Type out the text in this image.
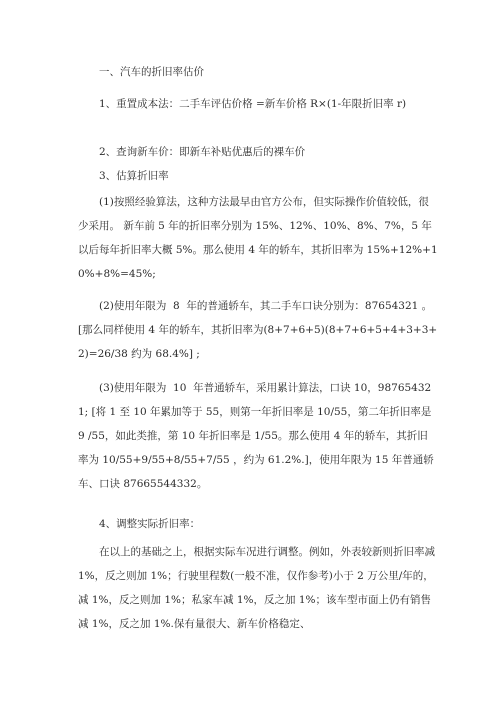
一、汽车的折旧率估价
1、重置成本法：二手车评估价格 =新车价格 R×(1-年限折旧率 r)
2、查询新车价：即新车补贴优惠后的裸车价
3、估算折旧率
(1)按照经验算法，这种方法最早由官方公布，但实际操作价值较低，很少采用。 新车前 5 年的折旧率分别为 15%、12%、10%、8%、7%，5 年以后每年折旧率大概 5%。那么使用 4 年的轿车，其折旧率为 15%+12%+10%+8%=45%;
(2)使用年限为  8  年的普通轿车，其二手车口诀分别为：87654321 。 [那么同样使用 4 年的轿车，其折旧率为(8+7+6+5)(8+7+6+5+4+3+3+2)=26/38 约为 68.4%] ;
(3)使用年限为  10  年普通轿车，采用累计算法，口诀 10，987654321; [将 1 至 10 年累加等于 55，则第一年折旧率是 10/55，第二年折旧率是 9 /55，如此类推，第 10 年折旧率是 1/55。那么使用 4 年的轿车，其折旧率为 10/55+9/55+8/55+7/55 ，约为 61.2%.]，使用年限为 15 年普通轿车、口诀 87665544332。
4、调整实际折旧率：
在以上的基础之上，根据实际车况进行调整。例如，外表较新则折旧率减 1%，反之则加 1%；行驶里程数(一般不准，仅作参考)小于 2 万公里/年的，减 1%，反之则加 1%；私家车减 1%，反之加 1%；该车型市面上仍有销售减 1%，反之加 1%.保有量很大、新车价格稳定、
